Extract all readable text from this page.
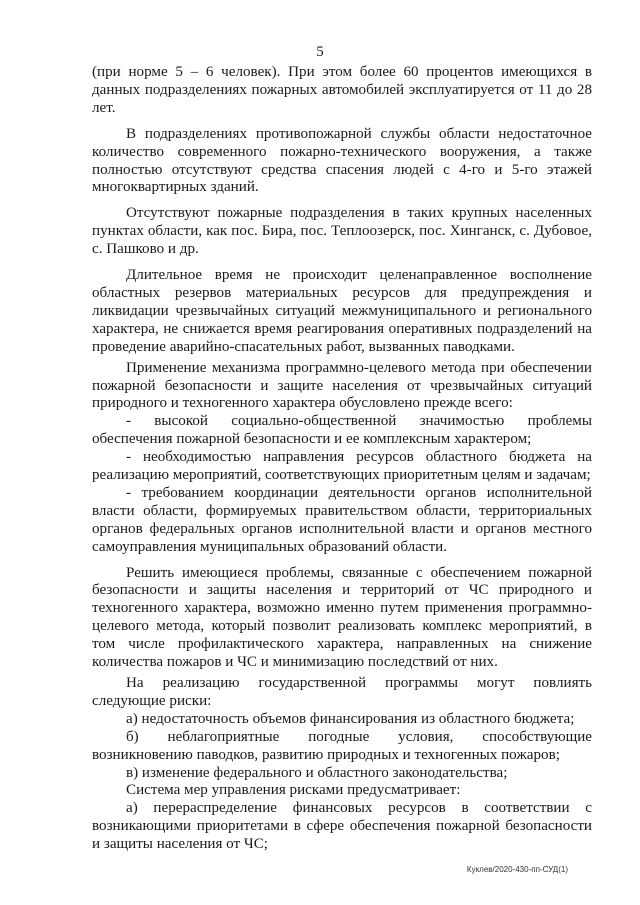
5

(при норме 5 – 6 человек). При этом более 60 процентов имеющихся в данных подразделениях пожарных автомобилей эксплуатируется от 11 до 28 лет.

В подразделениях противопожарной службы области недостаточное количество современного пожарно-технического вооружения, а также полностью отсутствуют средства спасения людей с 4-го и 5-го этажей многоквартирных зданий.

Отсутствуют пожарные подразделения в таких крупных населенных пунктах области, как пос. Бира, пос. Теплоозерск, пос. Хинганск, с. Дубовое, с. Пашково и др.

Длительное время не происходит целенаправленное восполнение областных резервов материальных ресурсов для предупреждения и ликвидации чрезвычайных ситуаций межмуниципального и регионального характера, не снижается время реагирования оперативных подразделений на проведение аварийно-спасательных работ, вызванных паводками.

Применение механизма программно-целевого метода при обеспечении пожарной безопасности и защите населения от чрезвычайных ситуаций природного и техногенного характера обусловлено прежде всего:

- высокой социально-общественной значимостью проблемы обеспечения пожарной безопасности и ее комплексным характером;

- необходимостью направления ресурсов областного бюджета на реализацию мероприятий, соответствующих приоритетным целям и задачам;

- требованием координации деятельности органов исполнительной власти области, формируемых правительством области, территориальных органов федеральных органов исполнительной власти и органов местного самоуправления муниципальных образований области.

Решить имеющиеся проблемы, связанные с обеспечением пожарной безопасности и защиты населения и территорий от ЧС природного и техногенного характера, возможно именно путем применения программно-целевого метода, который позволит реализовать комплекс мероприятий, в том числе профилактического характера, направленных на снижение количества пожаров и ЧС и минимизацию последствий от них.

На реализацию государственной программы могут повлиять следующие риски:

а) недостаточность объемов финансирования из областного бюджета;

б) неблагоприятные погодные условия, способствующие возникновению паводков, развитию природных и техногенных пожаров;

в) изменение федерального и областного законодательства;

Система мер управления рисками предусматривает:

а) перераспределение финансовых ресурсов в соответствии с возникающими приоритетами в сфере обеспечения пожарной безопасности и защиты населения от ЧС;

Куклев/2020-430-пп-СУД(1)
